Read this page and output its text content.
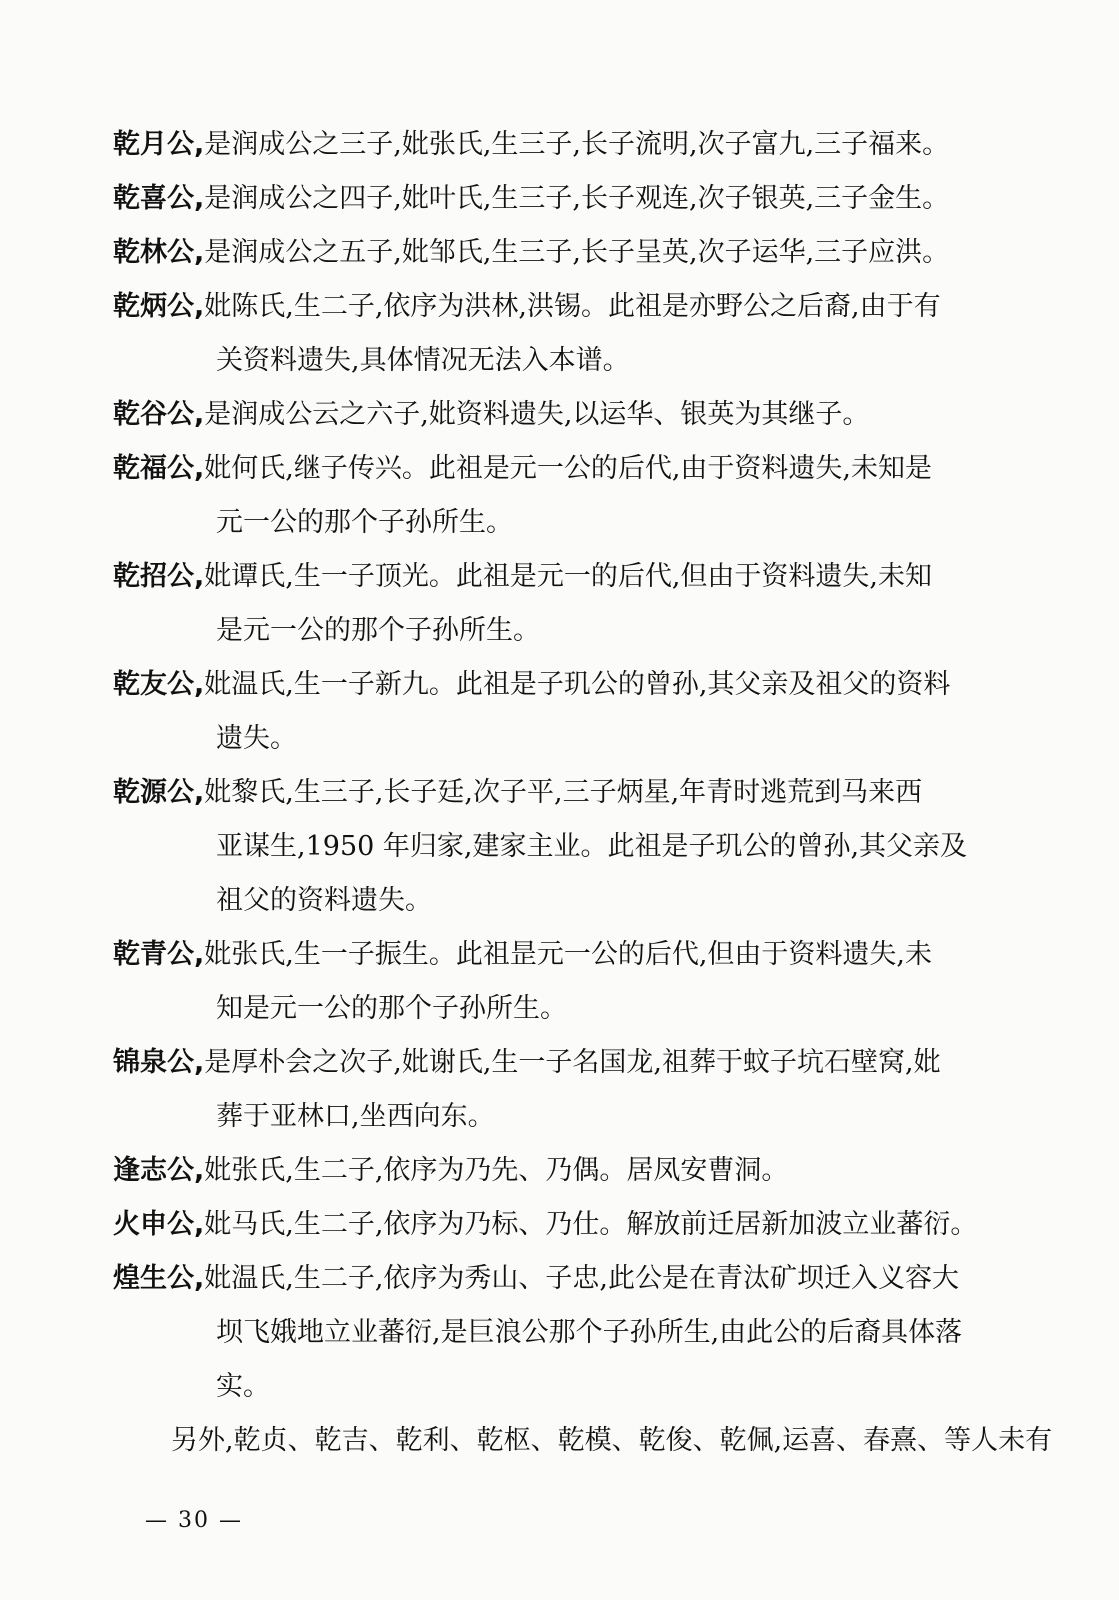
乾月公,是润成公之三子,妣张氏,生三子,长子流明,次子富九,三子福来。
乾喜公,是润成公之四子,妣叶氏,生三子,长子观连,次子银英,三子金生。
乾林公,是润成公之五子,妣邹氏,生三子,长子呈英,次子运华,三子应洪。
乾炳公,妣陈氏,生二子,依序为洪林,洪锡。此祖是亦野公之后裔,由于有
关资料遗失,具体情况无法入本谱。
乾谷公,是润成公云之六子,妣资料遗失,以运华、银英为其继子。
乾福公,妣何氏,继子传兴。此祖是元一公的后代,由于资料遗失,未知是
元一公的那个子孙所生。
乾招公,妣谭氏,生一子顶光。此祖是元一的后代,但由于资料遗失,未知
是元一公的那个子孙所生。
乾友公,妣温氏,生一子新九。此祖是子玑公的曾孙,其父亲及祖父的资料
遗失。
乾源公,妣黎氏,生三子,长子廷,次子平,三子炳星,年青时逃荒到马来西
亚谋生,1950 年归家,建家主业。此祖是子玑公的曾孙,其父亲及
祖父的资料遗失。
乾青公,妣张氏,生一子振生。此祖昰元一公的后代,但由于资料遗失,未
知是元一公的那个子孙所生。
锦泉公,是厚朴会之次子,妣谢氏,生一子名国龙,祖葬于蚊子坑石壁窝,妣
葬于亚林口,坐西向东。
逢志公,妣张氏,生二子,依序为乃先、乃偶。居凤安曹洞。
火申公,妣马氏,生二子,依序为乃标、乃仕。解放前迁居新加波立业蕃衍。
煌生公,妣温氏,生二子,依序为秀山、子忠,此公是在青汰矿坝迁入义容大
坝飞娥地立业蕃衍,是巨浪公那个子孙所生,由此公的后裔具体落
实。
另外,乾贞、乾吉、乾利、乾枢、乾模、乾俊、乾佩,运喜、春熹、等人未有
— 30 —
